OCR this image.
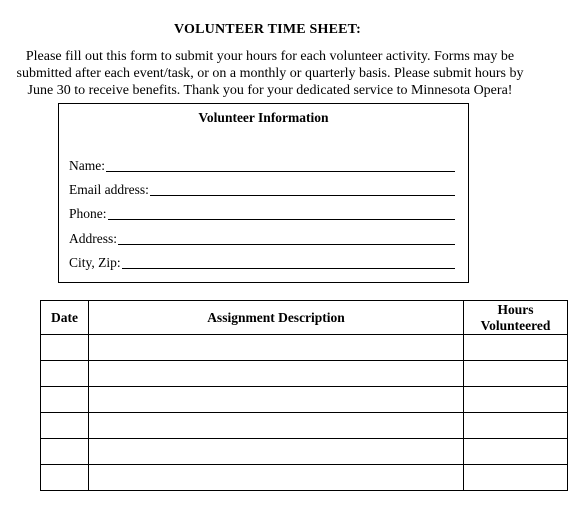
VOLUNTEER TIME SHEET:
Please fill out this form to submit your hours for each volunteer activity. Forms may be
submitted after each event/task, or on a monthly or quarterly basis. Please submit hours by
June 30 to receive benefits. Thank you for your dedicated service to Minnesota Opera!
Volunteer Information
Name:
Email address:
Phone:
Address:
City, Zip:
Date	Assignment Description	Hours
Volunteered
